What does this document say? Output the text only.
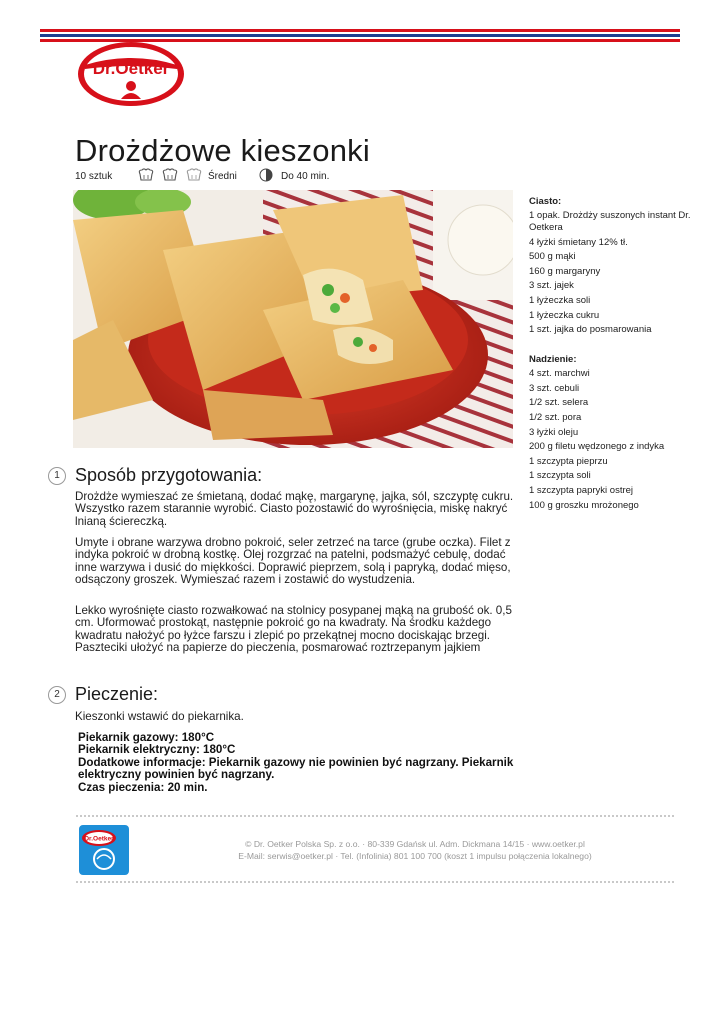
Dr.Oetker
Drożdżowe kieszonki
10 sztuk	Średni	Do 40 min.
Ciasto:
1 opak. Drożdży suszonych instant Dr. Oetkera
4 łyżki śmietany 12% tł.
500 g mąki
160 g margaryny
3 szt. jajek
1 łyżeczka soli
1 łyżeczka cukru
1 szt. jajka do posmarowania
Nadzienie:
4 szt. marchwi
3 szt. cebuli
1/2 szt. selera
1/2 szt. pora
3 łyżki oleju
200 g filetu wędzonego z indyka
1 szczypta pieprzu
1 szczypta soli
1 szczypta papryki ostrej
100 g groszku mrożonego
1 Sposób przygotowania:

Drożdże wymieszać ze śmietaną, dodać mąkę, margarynę, jajka, sól, szczyptę cukru. Wszystko razem starannie wyrobić. Ciasto pozostawić do wyrośnięcia, miskę nakryć lnianą ściereczką.

Umyte i obrane warzywa drobno pokroić, seler zetrzeć na tarce (grube oczka). Filet z indyka pokroić w drobną kostkę. Olej rozgrzać na patelni, podsmażyć cebulę, dodać inne warzywa i dusić do miękkości. Doprawić pieprzem, solą i papryką, dodać mięso, odsączony groszek. Wymieszać razem i zostawić do wystudzenia.

Lekko wyrośnięte ciasto rozwałkować na stolnicy posypanej mąką na grubość ok. 0,5 cm. Uformować prostokąt, następnie pokroić go na kwadraty. Na środku każdego kwadratu nałożyć po łyżce farszu i zlepić po przekątnej mocno dociskając brzegi. Paszteciki ułożyć na papierze do pieczenia, posmarować roztrzepanym jajkiem

2 Pieczenie:

Kieszonki wstawić do piekarnika.

Piekarnik gazowy: 180°C
Piekarnik elektryczny: 180°C
Dodatkowe informacje: Piekarnik gazowy nie powinien być nagrzany. Piekarnik elektryczny powinien być nagrzany.
Czas pieczenia: 20 min.
Dr.Oetker	© Dr. Oetker Polska Sp. z o.o. · 80-339 Gdańsk ul. Adm. Dickmana 14/15 · www.oetker.pl
E-Mail: serwis@oetker.pl · Tel. (Infolinia) 801 100 700 (koszt 1 impulsu połączenia lokalnego)
